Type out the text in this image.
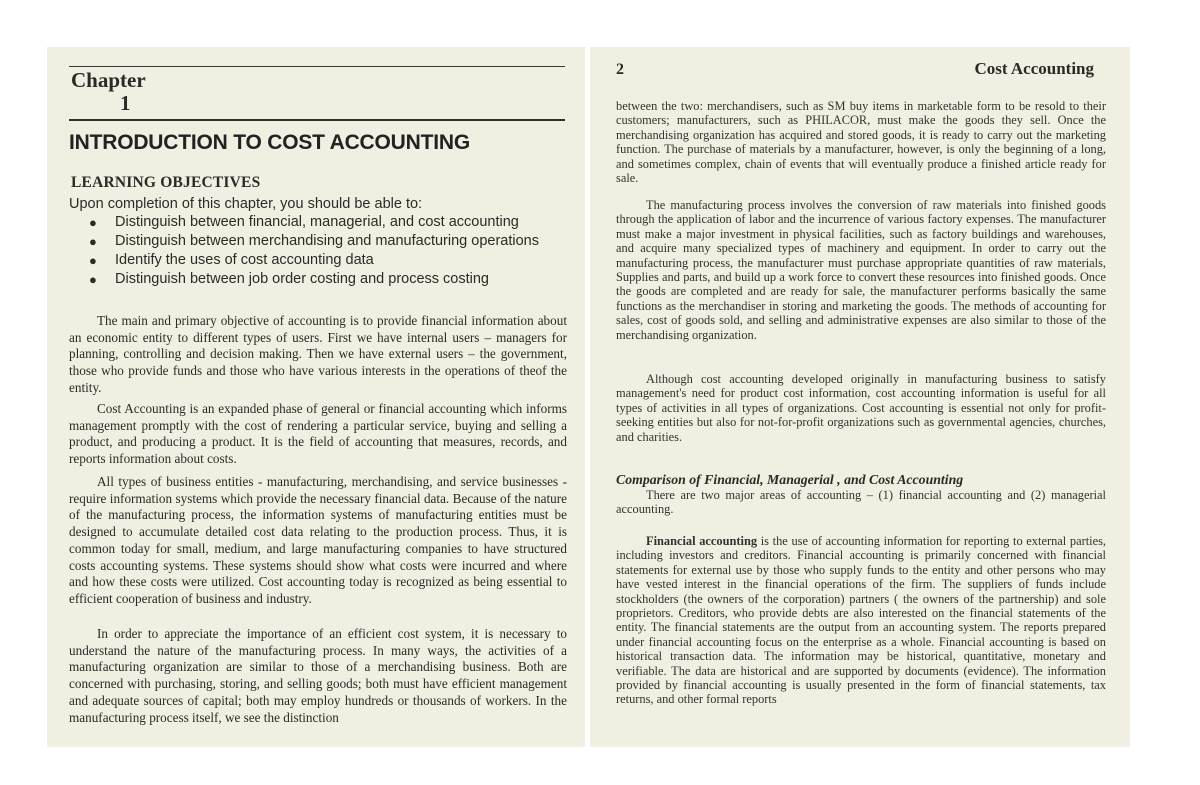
Chapter
1
INTRODUCTION TO COST ACCOUNTING
LEARNING OBJECTIVES
Upon completion of this chapter, you should be able to:
● Distinguish between financial, managerial, and cost accounting
● Distinguish between merchandising and manufacturing operations
● Identify the uses of cost accounting data
● Distinguish between job order costing and process costing

The main and primary objective of accounting is to provide financial information about an economic entity to different types of users. First we have internal users – managers for planning, controlling and decision making. Then we have external users – the government, those who provide funds and those who have various interests in the operations of theof the entity.

Cost Accounting is an expanded phase of general or financial accounting which informs management promptly with the cost of rendering a particular service, buying and selling a product, and producing a product. It is the field of accounting that measures, records, and reports information about costs.

All types of business entities - manufacturing, merchandising, and service businesses - require information systems which provide the necessary financial data. Because of the nature of the manufacturing process, the information systems of manufacturing entities must be designed to accumulate detailed cost data relating to the production process. Thus, it is common today for small, medium, and large manufacturing companies to have structured costs accounting systems. These systems should show what costs were incurred and where and how these costs were utilized. Cost accounting today is recognized as being essential to efficient cooperation of business and industry.

In order to appreciate the importance of an efficient cost system, it is necessary to understand the nature of the manufacturing process. In many ways, the activities of a manufacturing organization are similar to those of a merchandising business. Both are concerned with purchasing, storing, and selling goods; both must have efficient management and adequate sources of capital; both may employ hundreds or thousands of workers. In the manufacturing process itself, we see the distinction

2	Cost Accounting

between the two: merchandisers, such as SM buy items in marketable form to be resold to their customers; manufacturers, such as PHILACOR, must make the goods they sell. Once the merchandising organization has acquired and stored goods, it is ready to carry out the marketing function. The purchase of materials by a manufacturer, however, is only the beginning of a long, and sometimes complex, chain of events that will eventually produce a finished article ready for sale.

The manufacturing process involves the conversion of raw materials into finished goods through the application of labor and the incurrence of various factory expenses. The manufacturer must make a major investment in physical facilities, such as factory buildings and warehouses, and acquire many specialized types of machinery and equipment. In order to carry out the manufacturing process, the manufacturer must purchase appropriate quantities of raw materials, Supplies and parts, and build up a work force to convert these resources into finished goods. Once the goods are completed and are ready for sale, the manufacturer performs basically the same functions as the merchandiser in storing and marketing the goods. The methods of accounting for sales, cost of goods sold, and selling and administrative expenses are also similar to those of the merchandising organization.

Although cost accounting developed originally in manufacturing business to satisfy management's need for product cost information, cost accounting information is useful for all types of activities in all types of organizations. Cost accounting is essential not only for profit-seeking entities but also for not-for-profit organizations such as governmental agencies, churches, and charities.

Comparison of Financial, Managerial , and Cost Accounting

There are two major areas of accounting – (1) financial accounting and (2) managerial accounting.

Financial accounting is the use of accounting information for reporting to external parties, including investors and creditors. Financial accounting is primarily concerned with financial statements for external use by those who supply funds to the entity and other persons who may have vested interest in the financial operations of the firm. The suppliers of funds include stockholders (the owners of the corporation) partners ( the owners of the partnership) and sole proprietors. Creditors, who provide debts are also interested on the financial statements of the entity. The financial statements are the output from an accounting system. The reports prepared under financial accounting focus on the enterprise as a whole. Financial accounting is based on historical transaction data. The information may be historical, quantitative, monetary and verifiable. The data are historical and are supported by documents (evidence). The information provided by financial accounting is usually presented in the form of financial statements, tax returns, and other formal reports
